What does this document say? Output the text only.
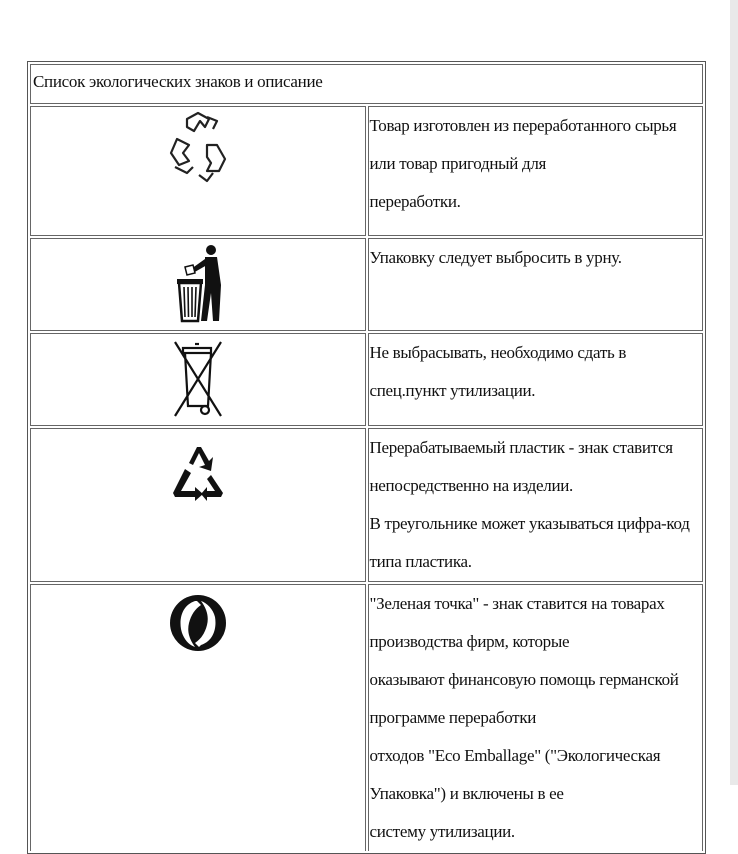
Список экологических знаков и описание	

	Товар изготовлен из переработанного сырья или товар пригодный для
переработки.

	Упаковку следует выбросить в урну.

	Не выбрасывать, необходимо сдать в спец.пункт утилизации.

	Перерабатываемый пластик - знак ставится непосредственно на изделии.
В треугольнике может указываться цифра-код типа пластика.

	"Зеленая точка" - знак ставится на товарах производства фирм, которые
оказывают финансовую помощь германской программе переработки
отходов "Eco Emballage" ("Экологическая Упаковка") и включены в ее
систему утилизации.
